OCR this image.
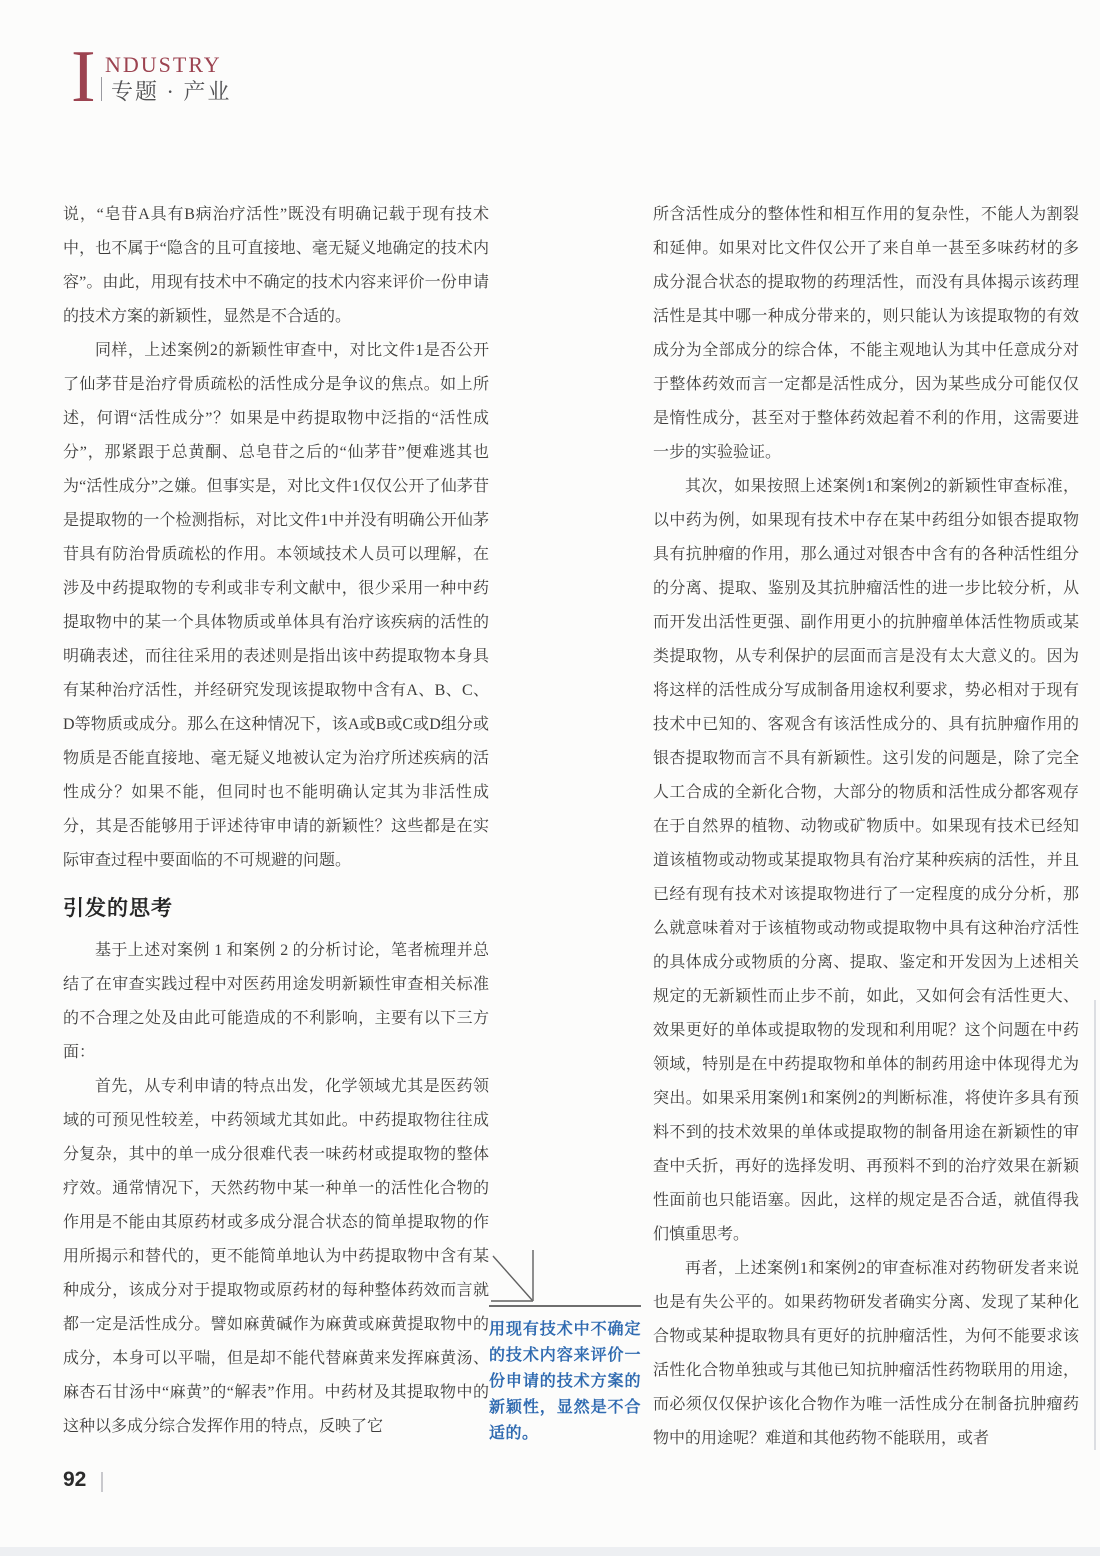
I NDUSTRY
专题 · 产业

说，“皂苷A具有B病治疗活性”既没有明确记载于现有技术中，也不属于“隐含的且可直接地、毫无疑义地确定的技术内容”。由此，用现有技术中不确定的技术内容来评价一份申请的技术方案的新颖性，显然是不合适的。

同样，上述案例2的新颖性审查中，对比文件1是否公开了仙茅苷是治疗骨质疏松的活性成分是争议的焦点。如上所述，何谓“活性成分”？如果是中药提取物中泛指的“活性成分”，那紧跟于总黄酮、总皂苷之后的“仙茅苷”便难逃其也为“活性成分”之嫌。但事实是，对比文件1仅仅公开了仙茅苷是提取物的一个检测指标，对比文件1中并没有明确公开仙茅苷具有防治骨质疏松的作用。本领域技术人员可以理解，在涉及中药提取物的专利或非专利文献中，很少采用一种中药提取物中的某一个具体物质或单体具有治疗该疾病的活性的明确表述，而往往采用的表述则是指出该中药提取物本身具有某种治疗活性，并经研究发现该提取物中含有A、B、C、D等物质或成分。那么在这种情况下，该A或B或C或D组分或物质是否能直接地、毫无疑义地被认定为治疗所述疾病的活性成分？如果不能，但同时也不能明确认定其为非活性成分，其是否能够用于评述待审申请的新颖性？这些都是在实际审查过程中要面临的不可规避的问题。

引发的思考

基于上述对案例 1 和案例 2 的分析讨论，笔者梳理并总结了在审查实践过程中对医药用途发明新颖性审查相关标准的不合理之处及由此可能造成的不利影响，主要有以下三方面：

首先，从专利申请的特点出发，化学领域尤其是医药领域的可预见性较差，中药领域尤其如此。中药提取物往往成分复杂，其中的单一成分很难代表一味药材或提取物的整体疗效。通常情况下，天然药物中某一种单一的活性化合物的作用是不能由其原药材或多成分混合状态的简单提取物的作用所揭示和替代的，更不能简单地认为中药提取物中含有某种成分，该成分对于提取物或原药材的每种整体药效而言就都一定是活性成分。譬如麻黄碱作为麻黄或麻黄提取物中的成分，本身可以平喘，但是却不能代替麻黄来发挥麻黄汤、麻杏石甘汤中“麻黄”的“解表”作用。中药材及其提取物中的这种以多成分综合发挥作用的特点，反映了它

所含活性成分的整体性和相互作用的复杂性，不能人为割裂和延伸。如果对比文件仅公开了来自单一甚至多味药材的多成分混合状态的提取物的药理活性，而没有具体揭示该药理活性是其中哪一种成分带来的，则只能认为该提取物的有效成分为全部成分的综合体，不能主观地认为其中任意成分对于整体药效而言一定都是活性成分，因为某些成分可能仅仅是惰性成分，甚至对于整体药效起着不利的作用，这需要进一步的实验验证。

其次，如果按照上述案例1和案例2的新颖性审查标准，以中药为例，如果现有技术中存在某中药组分如银杏提取物具有抗肿瘤的作用，那么通过对银杏中含有的各种活性组分的分离、提取、鉴别及其抗肿瘤活性的进一步比较分析，从而开发出活性更强、副作用更小的抗肿瘤单体活性物质或某类提取物，从专利保护的层面而言是没有太大意义的。因为将这样的活性成分写成制备用途权利要求，势必相对于现有技术中已知的、客观含有该活性成分的、具有抗肿瘤作用的银杏提取物而言不具有新颖性。这引发的问题是，除了完全人工合成的全新化合物，大部分的物质和活性成分都客观存在于自然界的植物、动物或矿物质中。如果现有技术已经知道该植物或动物或某提取物具有治疗某种疾病的活性，并且已经有现有技术对该提取物进行了一定程度的成分分析，那么就意味着对于该植物或动物或提取物中具有这种治疗活性的具体成分或物质的分离、提取、鉴定和开发因为上述相关规定的无新颖性而止步不前，如此，又如何会有活性更大、效果更好的单体或提取物的发现和利用呢？这个问题在中药领域，特别是在中药提取物和单体的制药用途中体现得尤为突出。如果采用案例1和案例2的判断标准，将使许多具有预料不到的技术效果的单体或提取物的制备用途在新颖性的审查中夭折，再好的选择发明、再预料不到的治疗效果在新颖性面前也只能语塞。因此，这样的规定是否合适，就值得我们慎重思考。

再者，上述案例1和案例2的审查标准对药物研发者来说也是有失公平的。如果药物研发者确实分离、发现了某种化合物或某种提取物具有更好的抗肿瘤活性，为何不能要求该活性化合物单独或与其他已知抗肿瘤活性药物联用的用途，而必须仅仅保护该化合物作为唯一活性成分在制备抗肿瘤药物中的用途呢？难道和其他药物不能联用，或者

用现有技术中不确定的技术内容来评价一份申请的技术方案的新颖性，显然是不合适的。

92
